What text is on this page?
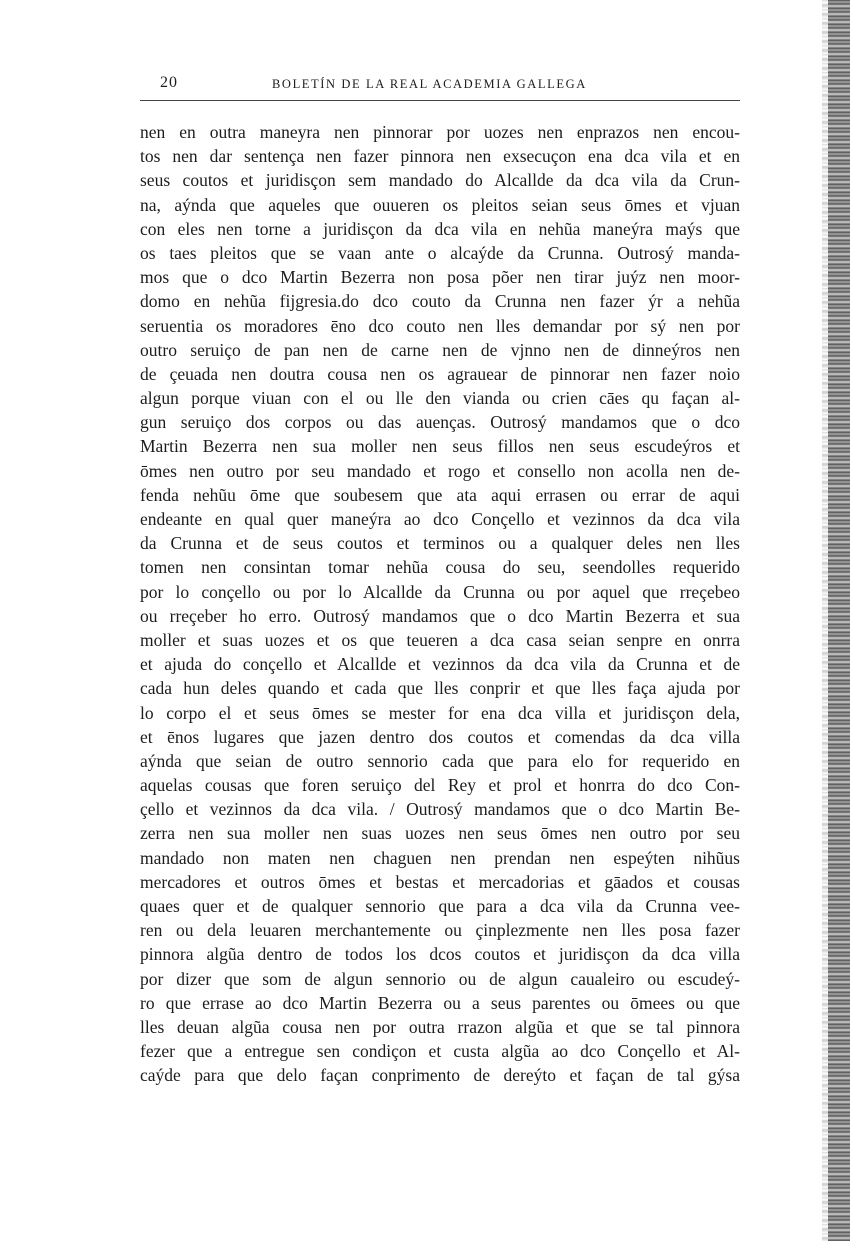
20	BOLETÍN DE LA REAL ACADEMIA GALLEGA
nen en outra maneyra nen pinnorar por uozes nen enprazos nen encou-
tos nen dar sentença nen fazer pinnora nen exsecuçon ena dca vila et en
seus coutos et juridisçon sem mandado do Alcallde da dca vila da Crun-
na, aýnda que aqueles que ouueren os pleitos seian seus ōmes et vjuan
con eles nen torne a juridisçon da dca vila en nehũa maneýra maýs que
os taes pleitos que se vaan ante o alcaýde da Crunna. Outrosý manda-
mos que o dco Martin Bezerra non posa põer nen tirar juýz nen moor-
domo en nehũa fijgresia.do dco couto da Crunna nen fazer ýr a nehũa
seruentia os moradores ēno dco couto nen lles demandar por sý nen por
outro seruiço de pan nen de carne nen de vjnno nen de dinneýros nen
de çeuada nen doutra cousa nen os agrauear de pinnorar nen fazer noio
algun porque viuan con el ou lle den vianda ou crien cāes qu façan al-
gun seruiço dos corpos ou das auenças. Outrosý mandamos que o dco
Martin Bezerra nen sua moller nen seus fillos nen seus escudeýros et
ōmes nen outro por seu mandado et rogo et consello non acolla nen de-
fenda nehũu ōme que soubesem que ata aqui errasen ou errar de aqui
endeante en qual quer maneýra ao dco Conçello et vezinnos da dca vila
da Crunna et de seus coutos et terminos ou a qualquer deles nen lles
tomen nen consintan tomar nehũa cousa do seu, seendolles requerido
por lo conçello ou por lo Alcallde da Crunna ou por aquel que rreçebeo
ou rreçeber ho erro. Outrosý mandamos que o dco Martin Bezerra et sua
moller et suas uozes et os que teueren a dca casa seian senpre en onrra
et ajuda do conçello et Alcallde et vezinnos da dca vila da Crunna et de
cada hun deles quando et cada que lles conprir et que lles faça ajuda por
lo corpo el et seus ōmes se mester for ena dca villa et juridisçon dela,
et ēnos lugares que jazen dentro dos coutos et comendas da dca villa
aýnda que seian de outro sennorio cada que para elo for requerido en
aquelas cousas que foren seruiço del Rey et prol et honrra do dco Con-
çello et vezinnos da dca vila. / Outrosý mandamos que o dco Martin Be-
zerra nen sua moller nen suas uozes nen seus ōmes nen outro por seu
mandado non maten nen chaguen nen prendan nen espeýten nihũus
mercadores et outros ōmes et bestas et mercadorias et gāados et cousas
quaes quer et de qualquer sennorio que para a dca vila da Crunna vee-
ren ou dela leuaren merchantemente ou çinplezmente nen lles posa fazer
pinnora algũa dentro de todos los dcos coutos et juridisçon da dca villa
por dizer que som de algun sennorio ou de algun caualeiro ou escudeý-
ro que errase ao dco Martin Bezerra ou a seus parentes ou ōmees ou que
lles deuan algũa cousa nen por outra rrazon algũa et que se tal pinnora
fezer que a entregue sen condiçon et custa algũa ao dco Conçello et Al-
caýde para que delo façan conprimento de dereýto et façan de tal gýsa
